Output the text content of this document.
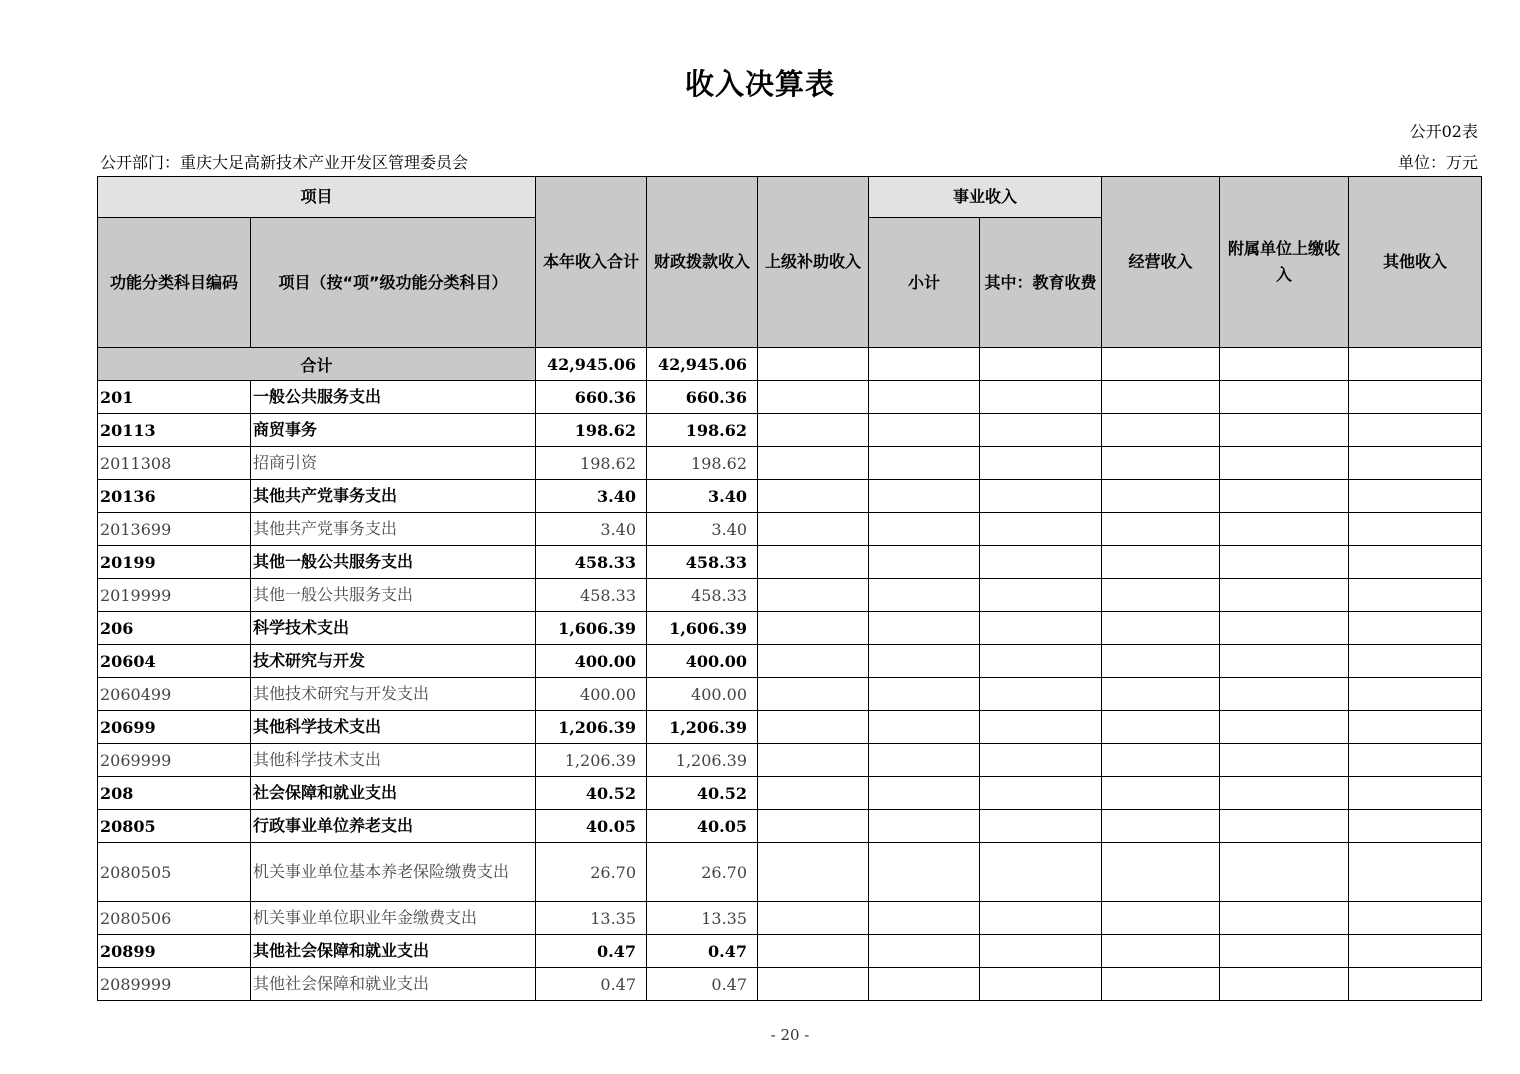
收入决算表
公开02表
公开部门：重庆大足高新技术产业开发区管理委员会	单位：万元
项目		本年收入合计	财政拨款收入	上级补助收入	事业收入		经营收入	附属单位上缴收入	其他收入
功能分类科目编码	项目（按“项”级功能分类科目）				小计	其中：教育收费			
合计		42,945.06	42,945.06						
201	一般公共服务支出	660.36	660.36						
20113	商贸事务	198.62	198.62						
2011308	招商引资	198.62	198.62						
20136	其他共产党事务支出	3.40	3.40						
2013699	其他共产党事务支出	3.40	3.40						
20199	其他一般公共服务支出	458.33	458.33						
2019999	其他一般公共服务支出	458.33	458.33						
206	科学技术支出	1,606.39	1,606.39						
20604	技术研究与开发	400.00	400.00						
2060499	其他技术研究与开发支出	400.00	400.00						
20699	其他科学技术支出	1,206.39	1,206.39						
2069999	其他科学技术支出	1,206.39	1,206.39						
208	社会保障和就业支出	40.52	40.52						
20805	行政事业单位养老支出	40.05	40.05						
2080505	机关事业单位基本养老保险缴费支出	26.70	26.70						
2080506	机关事业单位职业年金缴费支出	13.35	13.35						
20899	其他社会保障和就业支出	0.47	0.47						
2089999	其他社会保障和就业支出	0.47	0.47						
- 20 -
